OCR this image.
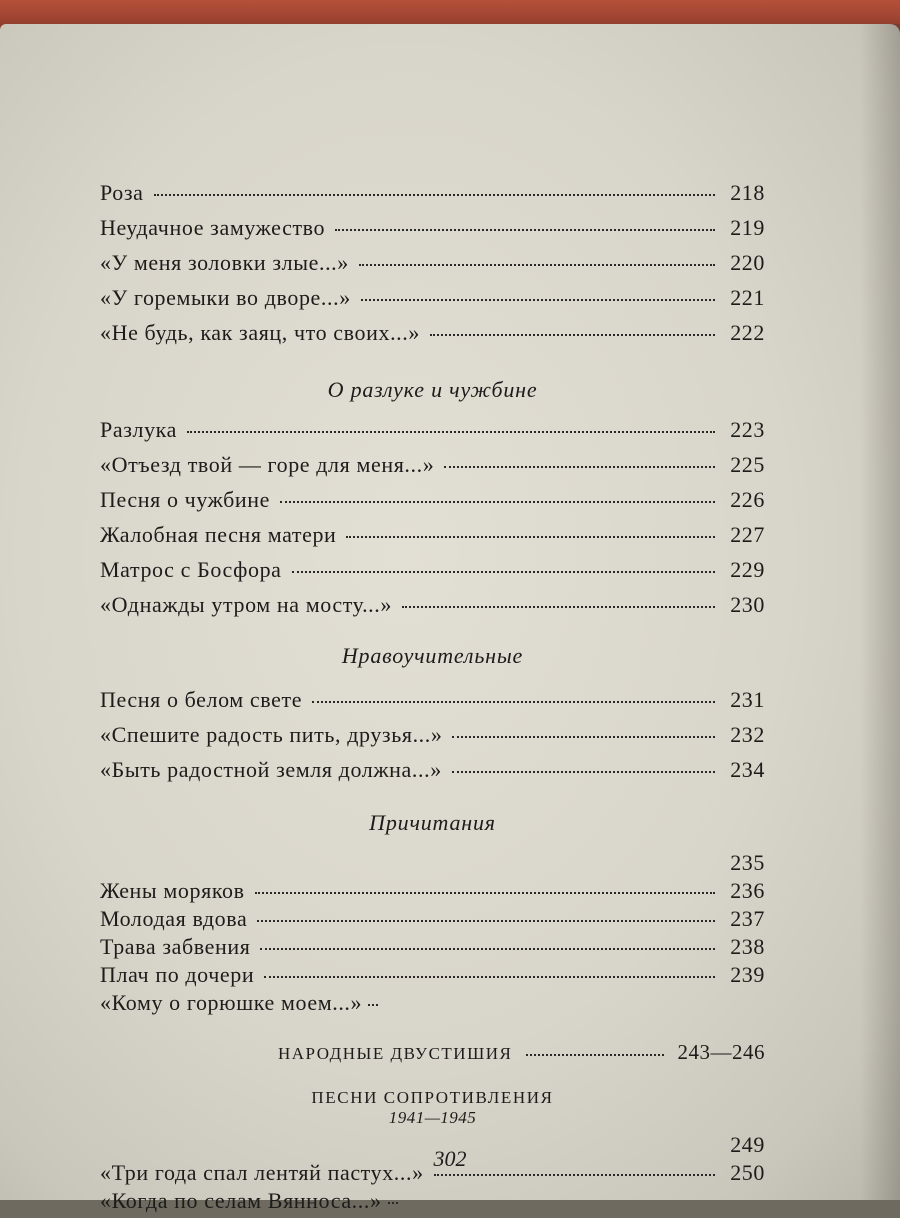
Роза	218
Неудачное замужество	219
«У меня золовки злые...»	220
«У горемыки во дворе...»	221
«Не будь, как заяц, что своих...»	222
О разлуке и чужбине
Разлука	223
«Отъезд твой — горе для меня...»	225
Песня о чужбине	226
Жалобная песня матери	227
Матрос с Босфора	229
«Однажды утром на мосту...»	230
Нравоучительные
Песня о белом свете	231
«Спешите радость пить, друзья...»	232
«Быть радостной земля должна...»	234
Причитания
235
Жены моряков	236
Молодая вдова	237
Трава забвения	238
Плач по дочери	239
«Кому о горюшке моем...»
НАРОДНЫЕ ДВУСТИШИЯ	243—246
ПЕСНИ СОПРОТИВЛЕНИЯ
1941—1945
249
«Три года спал лентяй пастух...»	250
«Когда по селам Вянноса...»
302
